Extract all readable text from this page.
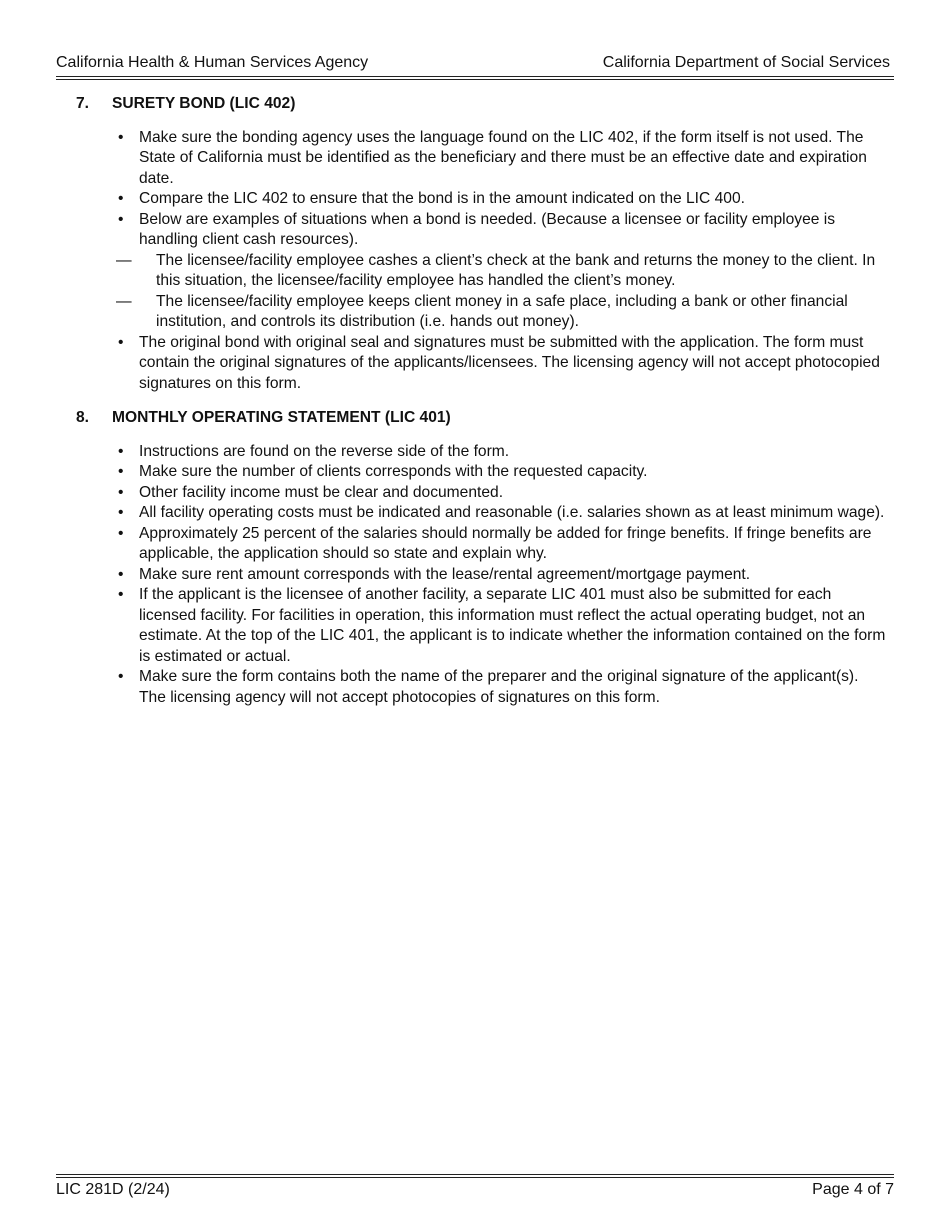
California Health & Human Services Agency	California Department of Social Services
7.	SURETY BOND (LIC 402)
• Make sure the bonding agency uses the language found on the LIC 402, if the form itself is not used. The State of California must be identified as the beneficiary and there must be an effective date and expiration date.
• Compare the LIC 402 to ensure that the bond is in the amount indicated on the LIC 400.
• Below are examples of situations when a bond is needed. (Because a licensee or facility employee is handling client cash resources).
— The licensee/facility employee cashes a client’s check at the bank and returns the money to the client. In this situation, the licensee/facility employee has handled the client’s money.
— The licensee/facility employee keeps client money in a safe place, including a bank or other financial institution, and controls its distribution (i.e. hands out money).
• The original bond with original seal and signatures must be submitted with the application. The form must contain the original signatures of the applicants/licensees. The licensing agency will not accept photocopied signatures on this form.
8.	MONTHLY OPERATING STATEMENT (LIC 401)
• Instructions are found on the reverse side of the form.
• Make sure the number of clients corresponds with the requested capacity.
• Other facility income must be clear and documented.
• All facility operating costs must be indicated and reasonable (i.e. salaries shown as at least minimum wage).
• Approximately 25 percent of the salaries should normally be added for fringe benefits. If fringe benefits are applicable, the application should so state and explain why.
• Make sure rent amount corresponds with the lease/rental agreement/mortgage payment.
• If the applicant is the licensee of another facility, a separate LIC 401 must also be submitted for each licensed facility. For facilities in operation, this information must reflect the actual operating budget, not an estimate. At the top of the LIC 401, the applicant is to indicate whether the information contained on the form is estimated or actual.
• Make sure the form contains both the name of the preparer and the original signature of the applicant(s). The licensing agency will not accept photocopies of signatures on this form.
LIC 281D (2/24)	Page 4 of 7
